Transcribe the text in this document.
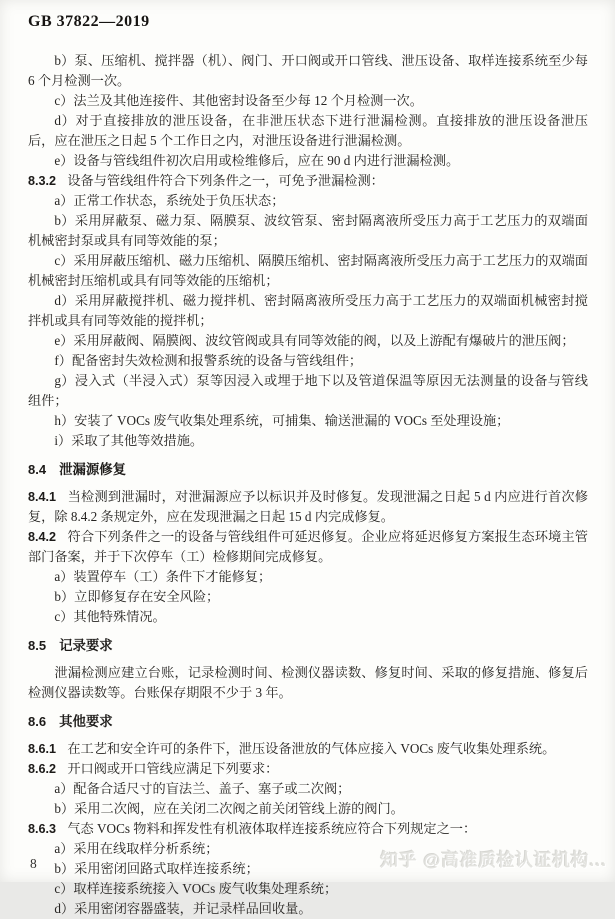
GB 37822—2019

b）泵、压缩机、搅拌器（机）、阀门、开口阀或开口管线、泄压设备、取样连接系统至少每 6 个月检测一次。

c）法兰及其他连接件、其他密封设备至少每 12 个月检测一次。

d）对于直接排放的泄压设备，在非泄压状态下进行泄漏检测。直接排放的泄压设备泄压后，应在泄压之日起 5 个工作日之内，对泄压设备进行泄漏检测。

e）设备与管线组件初次启用或检维修后，应在 90 d 内进行泄漏检测。

8.3.2 设备与管线组件符合下列条件之一，可免予泄漏检测：

a）正常工作状态，系统处于负压状态；

b）采用屏蔽泵、磁力泵、隔膜泵、波纹管泵、密封隔离液所受压力高于工艺压力的双端面机械密封泵或具有同等效能的泵；

c）采用屏蔽压缩机、磁力压缩机、隔膜压缩机、密封隔离液所受压力高于工艺压力的双端面机械密封压缩机或具有同等效能的压缩机；

d）采用屏蔽搅拌机、磁力搅拌机、密封隔离液所受压力高于工艺压力的双端面机械密封搅拌机或具有同等效能的搅拌机；

e）采用屏蔽阀、隔膜阀、波纹管阀或具有同等效能的阀，以及上游配有爆破片的泄压阀；

f）配备密封失效检测和报警系统的设备与管线组件；

g）浸入式（半浸入式）泵等因浸入或埋于地下以及管道保温等原因无法测量的设备与管线组件；

h）安装了 VOCs 废气收集处理系统，可捕集、输送泄漏的 VOCs 至处理设施；

i）采取了其他等效措施。

8.4 泄漏源修复

8.4.1 当检测到泄漏时，对泄漏源应予以标识并及时修复。发现泄漏之日起 5 d 内应进行首次修复，除 8.4.2 条规定外，应在发现泄漏之日起 15 d 内完成修复。

8.4.2 符合下列条件之一的设备与管线组件可延迟修复。企业应将延迟修复方案报生态环境主管部门备案，并于下次停车（工）检修期间完成修复。

a）装置停车（工）条件下才能修复；

b）立即修复存在安全风险；

c）其他特殊情况。

8.5 记录要求

泄漏检测应建立台账，记录检测时间、检测仪器读数、修复时间、采取的修复措施、修复后检测仪器读数等。台账保存期限不少于 3 年。

8.6 其他要求

8.6.1 在工艺和安全许可的条件下，泄压设备泄放的气体应接入 VOCs 废气收集处理系统。

8.6.2 开口阀或开口管线应满足下列要求：

a）配备合适尺寸的盲法兰、盖子、塞子或二次阀；

b）采用二次阀，应在关闭二次阀之前关闭管线上游的阀门。

8.6.3 气态 VOCs 物料和挥发性有机液体取样连接系统应符合下列规定之一：

a）采用在线取样分析系统；

b）采用密闭回路式取样连接系统；

c）取样连接系统接入 VOCs 废气收集处理系统；

d）采用密闭容器盛装，并记录样品回收量。

8	知乎 @高准质检认证机构...
